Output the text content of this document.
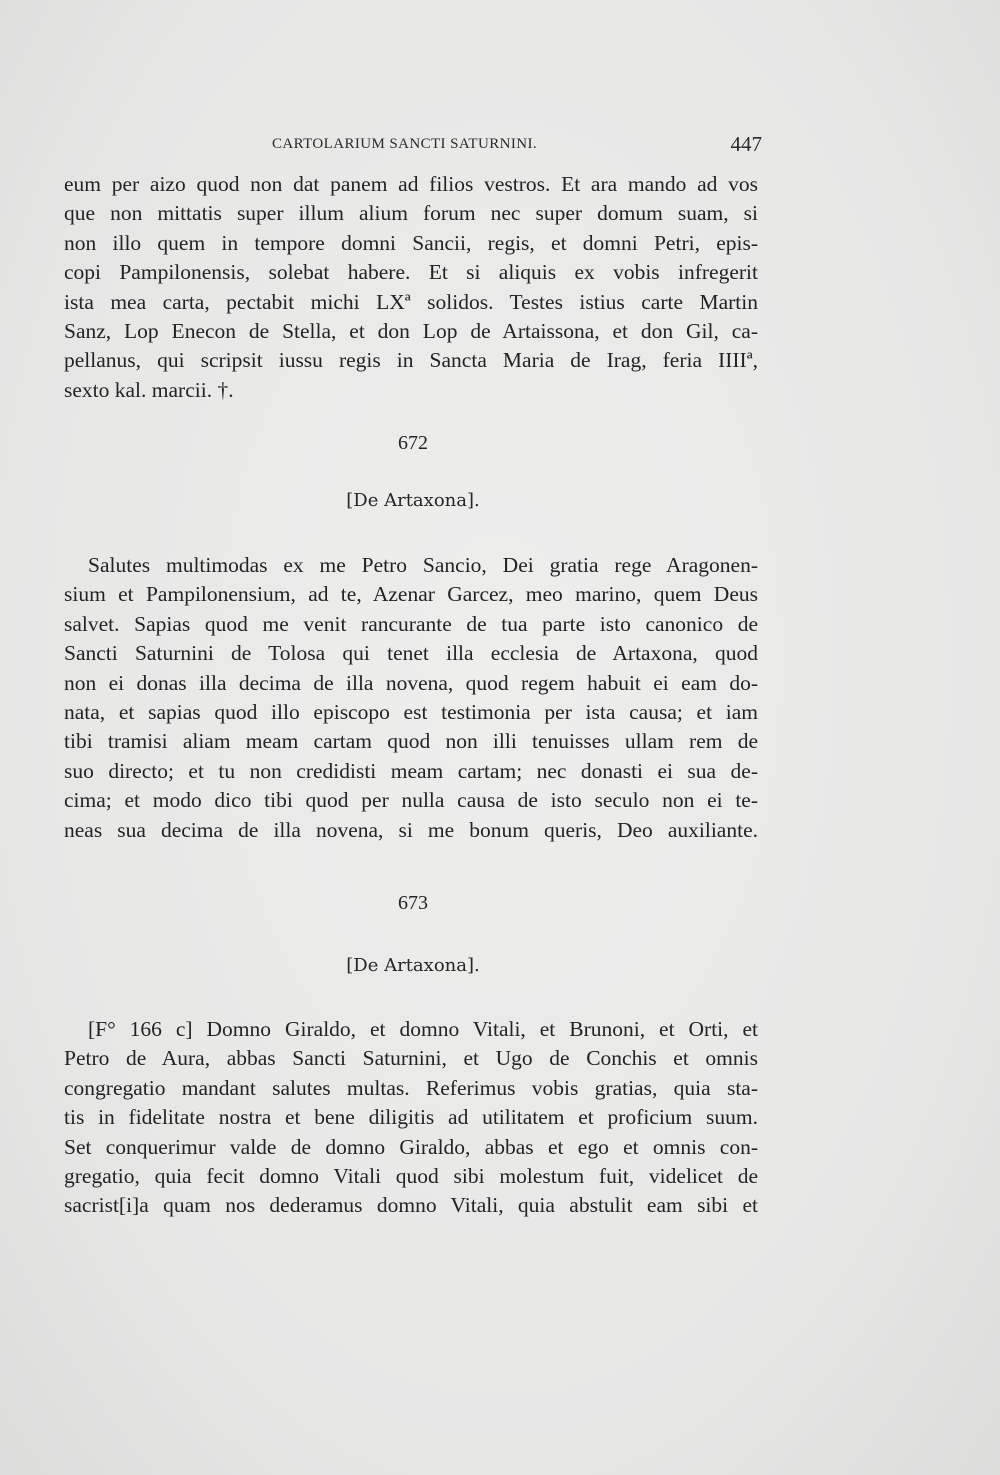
CARTOLARIUM SANCTI SATURNINI.	447
eum per aizo quod non dat panem ad filios vestros. Et ara mando ad vos
que non mittatis super illum alium forum nec super domum suam, si
non illo quem in tempore domni Sancii, regis, et domni Petri, epis-
copi Pampilonensis, solebat habere. Et si aliquis ex vobis infregerit
ista mea carta, pectabit michi LXª solidos. Testes istius carte Martin
Sanz, Lop Enecon de Stella, et don Lop de Artaissona, et don Gil, ca-
pellanus, qui scripsit iussu regis in Sancta Maria de Irag, feria IIIIª,
sexto kal. marcii. †.
672
[De Artaxona].
Salutes multimodas ex me Petro Sancio, Dei gratia rege Aragonen-
sium et Pampilonensium, ad te, Azenar Garcez, meo marino, quem Deus
salvet. Sapias quod me venit rancurante de tua parte isto canonico de
Sancti Saturnini de Tolosa qui tenet illa ecclesia de Artaxona, quod
non ei donas illa decima de illa novena, quod regem habuit ei eam do-
nata, et sapias quod illo episcopo est testimonia per ista causa; et iam
tibi tramisi aliam meam cartam quod non illi tenuisses ullam rem de
suo directo; et tu non credidisti meam cartam; nec donasti ei sua de-
cima; et modo dico tibi quod per nulla causa de isto seculo non ei te-
neas sua decima de illa novena, si me bonum queris, Deo auxiliante.
673
[De Artaxona].
[F° 166 c] Domno Giraldo, et domno Vitali, et Brunoni, et Orti, et
Petro de Aura, abbas Sancti Saturnini, et Ugo de Conchis et omnis
congregatio mandant salutes multas. Referimus vobis gratias, quia sta-
tis in fidelitate nostra et bene diligitis ad utilitatem et proficium suum.
Set conquerimur valde de domno Giraldo, abbas et ego et omnis con-
gregatio, quia fecit domno Vitali quod sibi molestum fuit, videlicet de
sacrist[i]a quam nos dederamus domno Vitali, quia abstulit eam sibi et
